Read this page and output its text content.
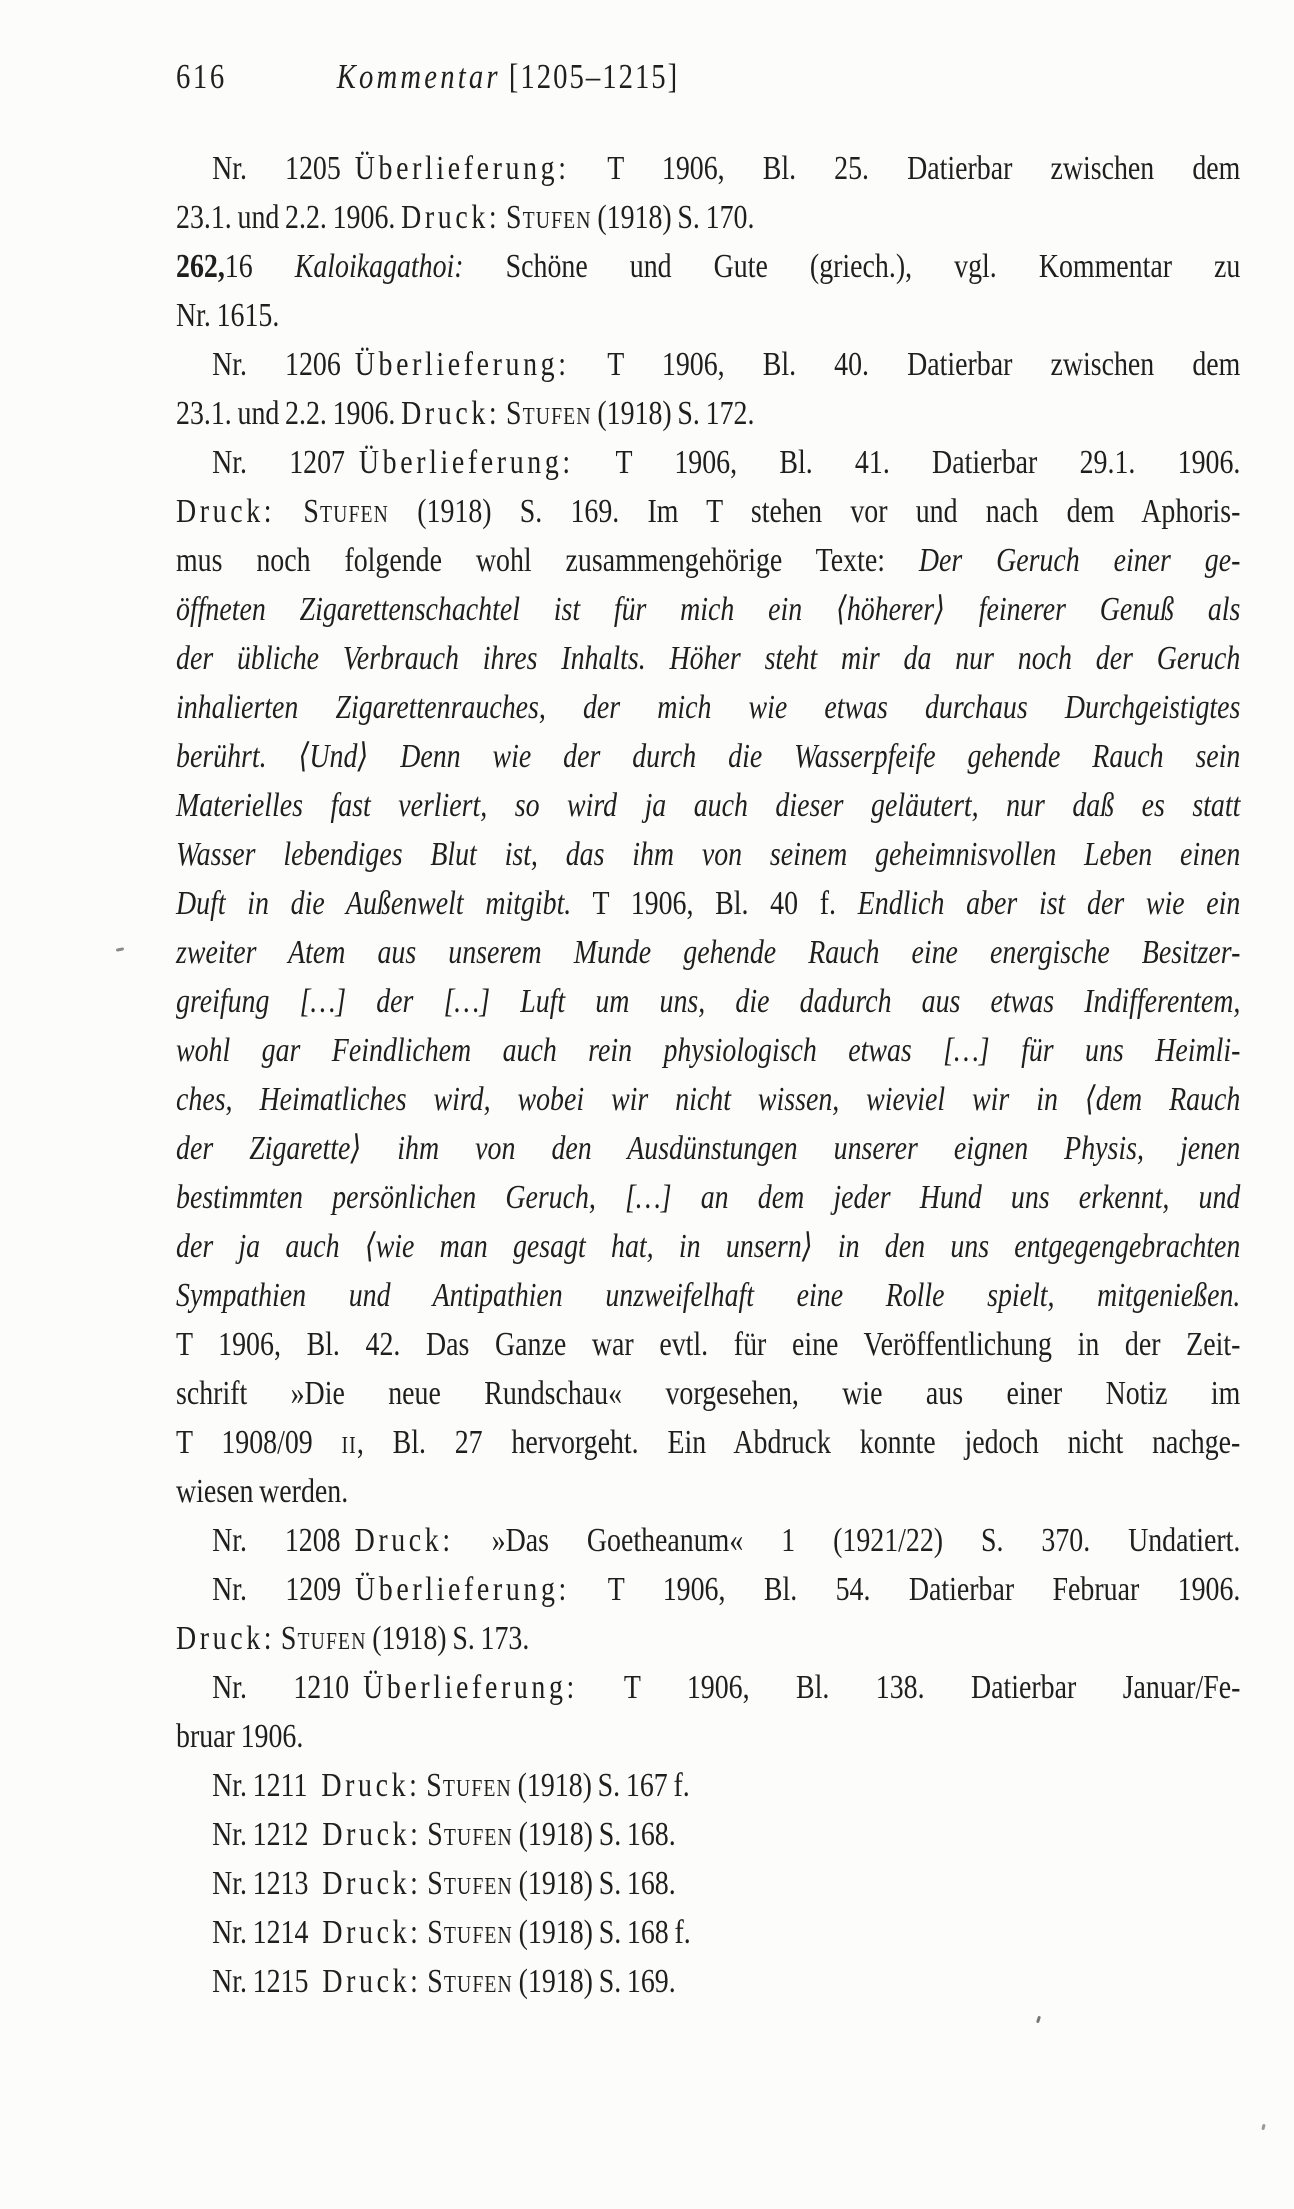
616	Kommentar [1205–1215]
Nr. 1205 Überlieferung: T 1906, Bl. 25. Datierbar zwischen dem
23.1. und 2.2. 1906. Druck: Stufen (1918) S. 170.
262,16 Kaloikagathoi: Schöne und Gute (griech.), vgl. Kommentar zu
Nr. 1615.
Nr. 1206 Überlieferung: T 1906, Bl. 40. Datierbar zwischen dem
23.1. und 2.2. 1906. Druck: Stufen (1918) S. 172.
Nr. 1207 Überlieferung: T 1906, Bl. 41. Datierbar 29.1. 1906.
Druck: Stufen (1918) S. 169. Im T stehen vor und nach dem Aphoris-
mus noch folgende wohl zusammengehörige Texte: Der Geruch einer ge-
öffneten Zigarettenschachtel ist für mich ein ⟨höherer⟩ feinerer Genuß als
der übliche Verbrauch ihres Inhalts. Höher steht mir da nur noch der Geruch
inhalierten Zigarettenrauches, der mich wie etwas durchaus Durchgeistigtes
berührt. ⟨Und⟩ Denn wie der durch die Wasserpfeife gehende Rauch sein
Materielles fast verliert, so wird ja auch dieser geläutert, nur daß es statt
Wasser lebendiges Blut ist, das ihm von seinem geheimnisvollen Leben einen
Duft in die Außenwelt mitgibt. T 1906, Bl. 40 f. Endlich aber ist der wie ein
zweiter Atem aus unserem Munde gehende Rauch eine energische Besitzer-
greifung […] der […] Luft um uns, die dadurch aus etwas Indifferentem,
wohl gar Feindlichem auch rein physiologisch etwas […] für uns Heimli-
ches, Heimatliches wird, wobei wir nicht wissen, wieviel wir in ⟨dem Rauch
der Zigarette⟩ ihm von den Ausdünstungen unserer eignen Physis, jenen
bestimmten persönlichen Geruch, […] an dem jeder Hund uns erkennt, und
der ja auch ⟨wie man gesagt hat, in unsern⟩ in den uns entgegengebrachten
Sympathien und Antipathien unzweifelhaft eine Rolle spielt, mitgenießen.
T 1906, Bl. 42. Das Ganze war evtl. für eine Veröffentlichung in der Zeit-
schrift »Die neue Rundschau« vorgesehen, wie aus einer Notiz im
T 1908/09 ii, Bl. 27 hervorgeht. Ein Abdruck konnte jedoch nicht nachge-
wiesen werden.
Nr. 1208 Druck: »Das Goetheanum« 1 (1921/22) S. 370. Undatiert.
Nr. 1209 Überlieferung: T 1906, Bl. 54. Datierbar Februar 1906.
Druck: Stufen (1918) S. 173.
Nr. 1210 Überlieferung: T 1906, Bl. 138. Datierbar Januar/Fe-
bruar 1906.
Nr. 1211 Druck: Stufen (1918) S. 167 f.
Nr. 1212 Druck: Stufen (1918) S. 168.
Nr. 1213 Druck: Stufen (1918) S. 168.
Nr. 1214 Druck: Stufen (1918) S. 168 f.
Nr. 1215 Druck: Stufen (1918) S. 169.
